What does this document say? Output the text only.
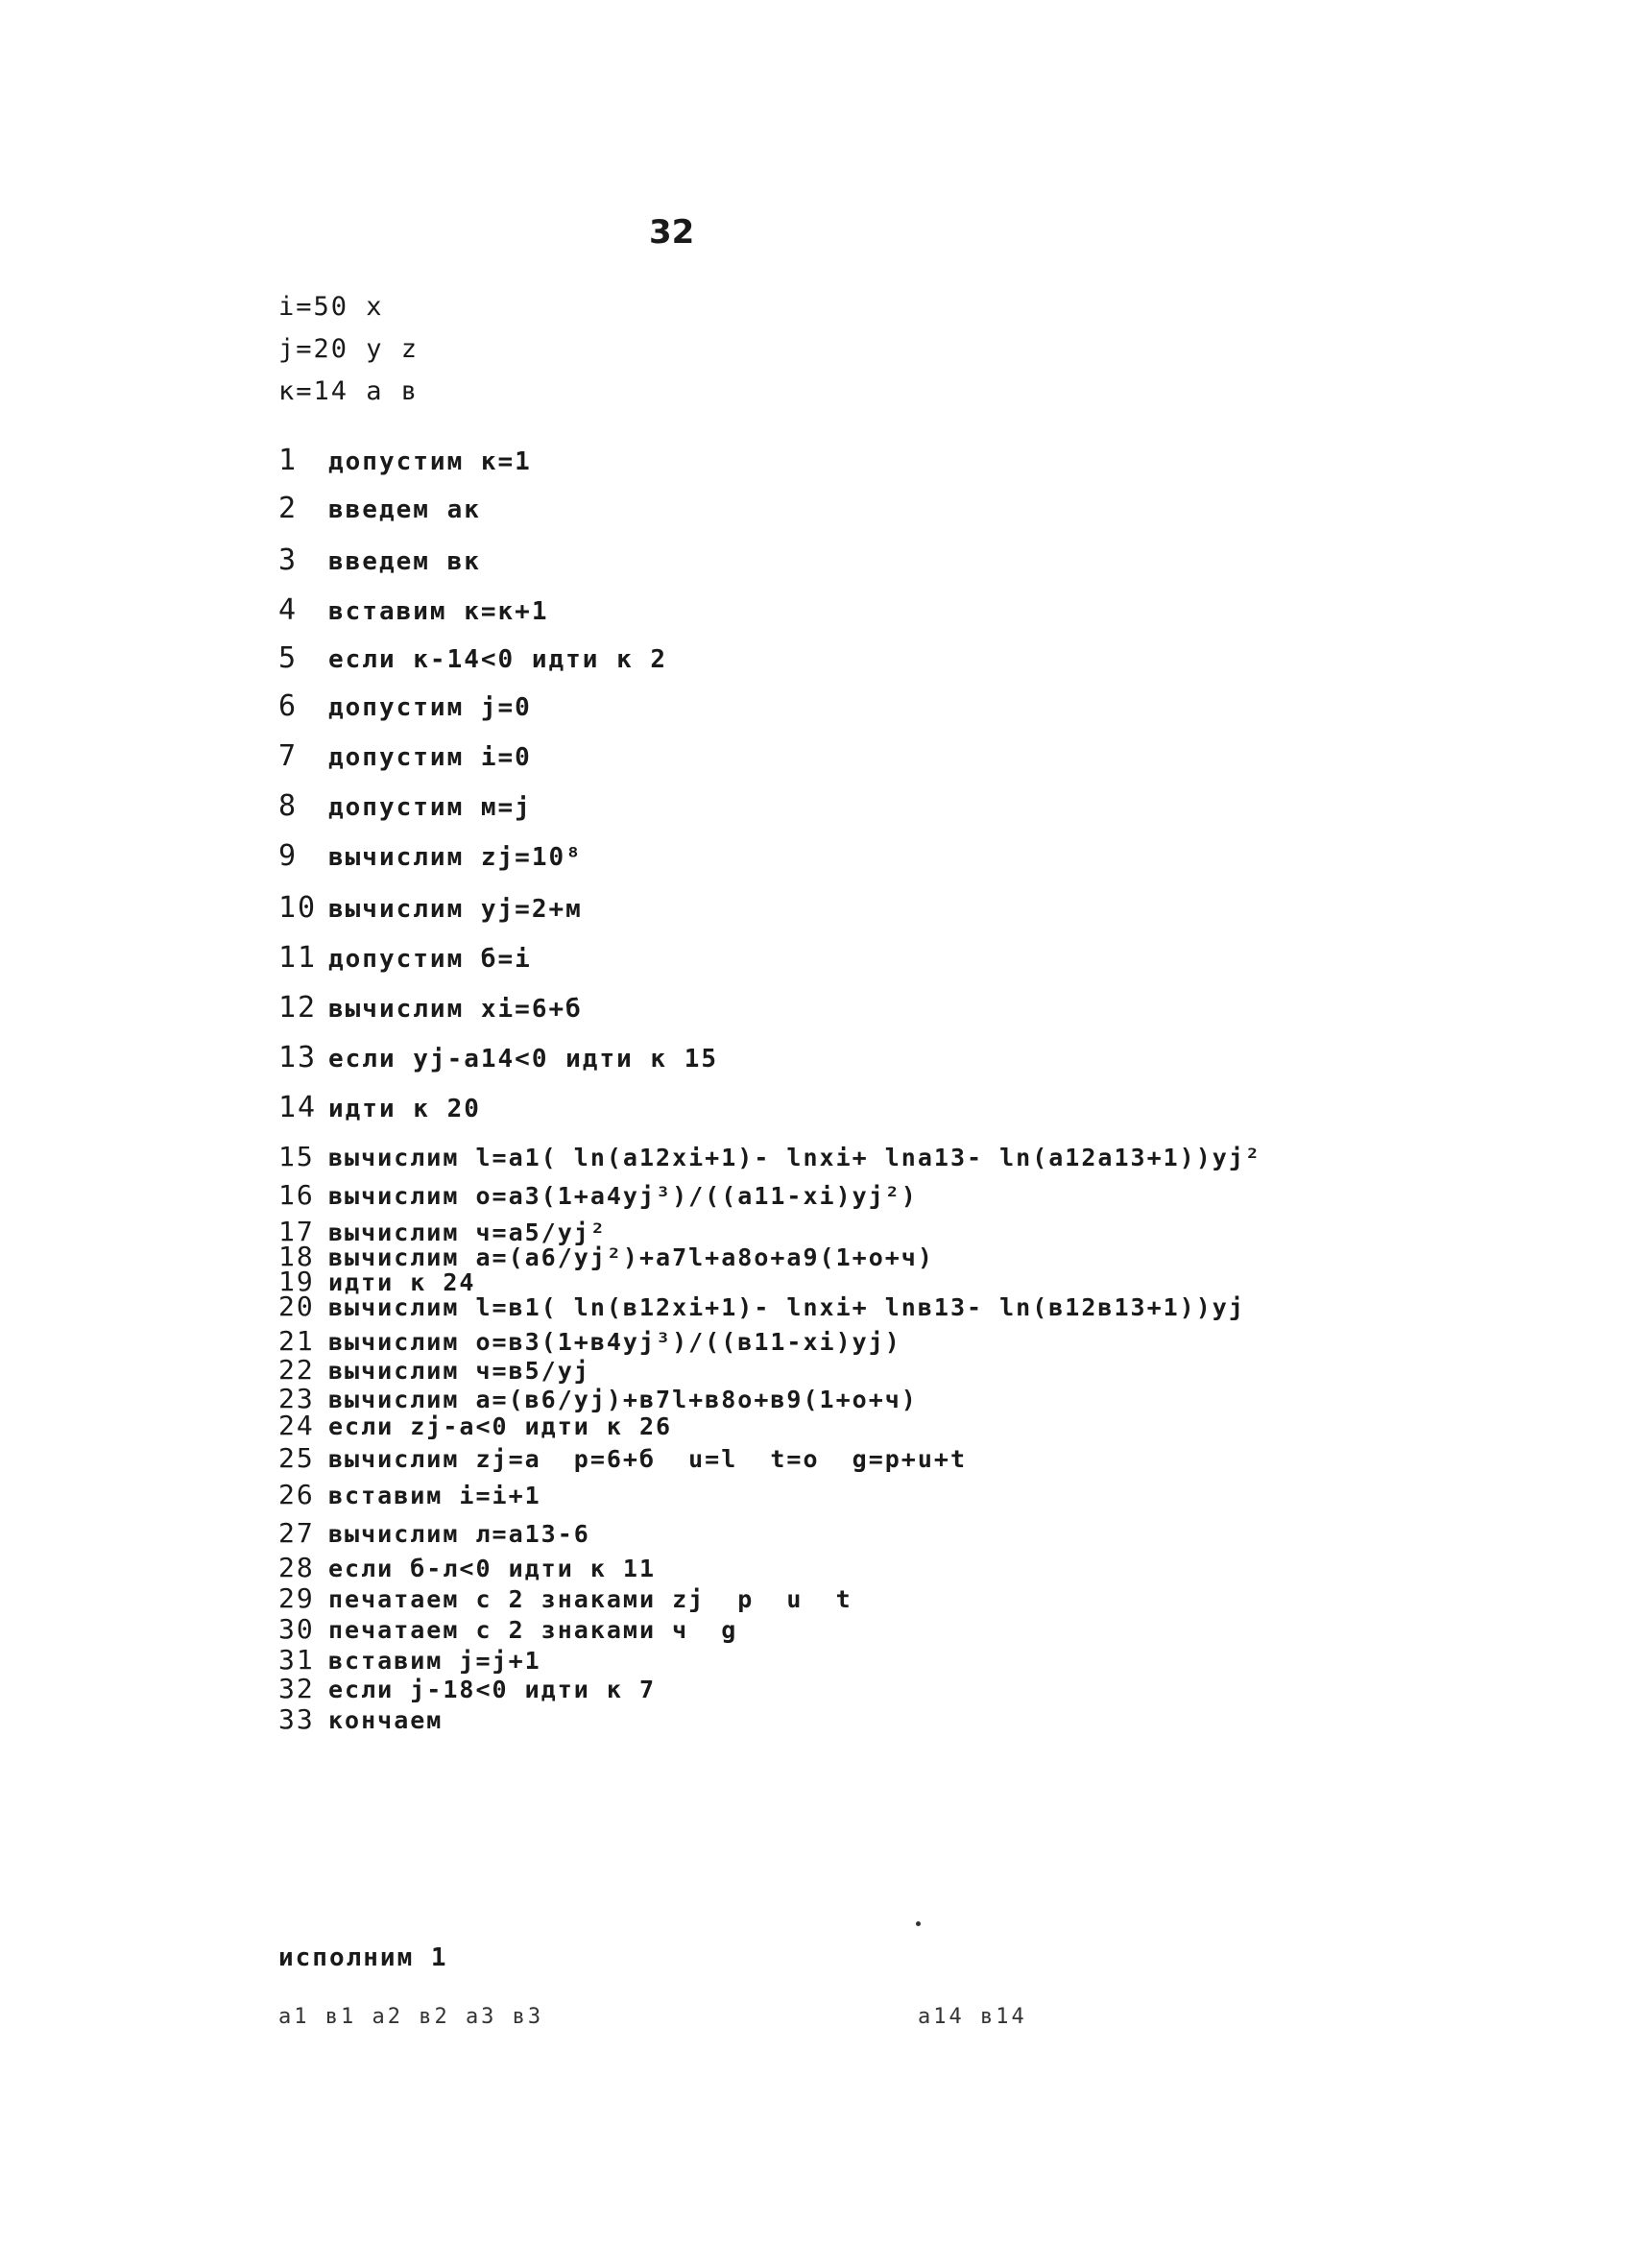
32
i=50 x
j=20 y z
к=14 а в
1 допустим к=1
2 введем ак
3 введем вк
4 вставим к=к+1
5 если к-14<0 идти к 2
6 допустим j=0
7 допустим i=0
8 допустим м=j
9 вычислим zj=10⁸
10 вычислим yj=2+м
11 допустим б=i
12 вычислим xi=6+б
13 если yj-а14<0 идти к 15
14 идти к 20
15 вычислим l=а1( ln(а12xi+1)- lnxi+ lnа13- ln(а12а13+1))yj²
16 вычислим o=а3(1+а4yj³)/((а11-xi)yj²)
17 вычислим ч=а5/yj²
18 вычислим а=(а6/yj²)+а7l+а8o+а9(1+o+ч)
19 идти к 24
20 вычислим l=в1( ln(в12xi+1)- lnxi+ lnв13- ln(в12в13+1))yj
21 вычислим o=в3(1+в4yj³)/((в11-xi)yj)
22 вычислим ч=в5/yj
23 вычислим а=(в6/yj)+в7l+в8o+в9(1+o+ч)
24 если zj-а<0 идти к 26
25 вычислим zj=а  p=6+б  u=l  t=o  g=p+u+t
26 вставим i=i+1
27 вычислим л=а13-6
28 если б-л<0 идти к 11
29 печатаем с 2 знаками zj  p  u  t
30 печатаем с 2 знаками ч  g
31 вставим j=j+1
32 если j-18<0 идти к 7
33 кончаем
исполним 1
а1 в1 а2 в2 а3 в3	а14 в14
